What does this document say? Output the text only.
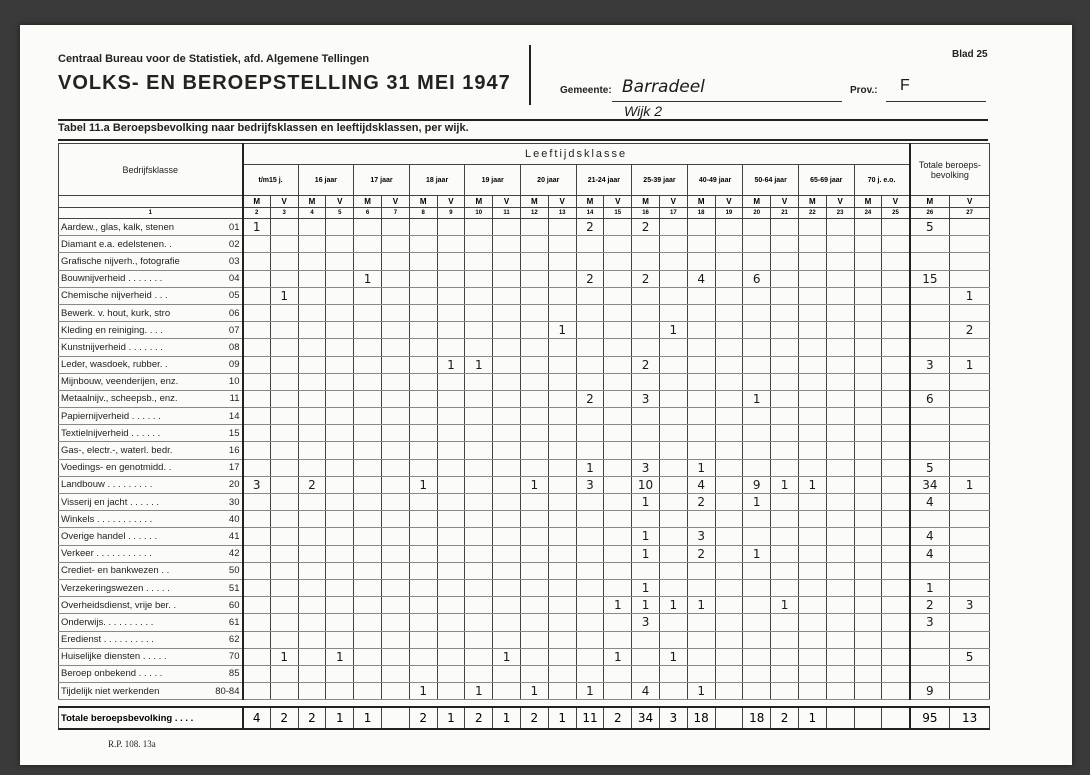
Centraal Bureau voor de Statistiek, afd. Algemene Tellingen
VOLKS- EN BEROEPSTELLING 31 MEI 1947
Blad 25
Gemeente: Barradeel	Prov.: F
Wijk 2
Tabel 11.a Beroepsbevolking naar bedrijfsklassen en leeftijdsklassen, per wijk.
Bedrijfsklasse	Leeftijdsklasse																								Totale beroeps-bevolking	
	t/m15 j.		16 jaar		17 jaar		18 jaar		19 jaar		20 jaar		21-24 jaar		25-39 jaar		40-49 jaar		50-64 jaar		65-69 jaar		70 j. e.o.			
	M	V	M	V	M	V	M	V	M	V	M	V	M	V	M	V	M	V	M	V	M	V	M	V	M	V
1	2	3	4	5	6	7	8	9	10	11	12	13	14	15	16	17	18	19	20	21	22	23	24	25	26	27

01
Aardew., glas, kalk, stenen	1												2		2										5	

02
Diamant e.a. edelstenen. .																										

03
Grafische nijverh., fotografie																										

04
Bouwnijverheid . . . . . . .					1								2		2		4		6						15	

05
Chemische nijverheid . . .		1																								1

06
Bewerk. v. hout, kurk, stro																										

07
Kleding en reiniging. . . .												1				1										2

08
Kunstnijverheid . . . . . . .																										

09
Leder, wasdoek, rubber. .								1	1						2										3	1

10
Mijnbouw, veenderijen, enz.																										

11
Metaalnijv., scheepsb., enz.													2		3				1						6	

14
Papiernijverheid . . . . . .																										

15
Textielnijverheid . . . . . .																										

16
Gas-, electr.-, waterl. bedr.																										

17
Voedings- en genotmidd. .													1		3		1								5	

20
Landbouw . . . . . . . . .	3		2				1				1		3		10		4		9	1	1				34	1

30
Visserij en jacht . . . . . .															1		2		1						4	

40
Winkels . . . . . . . . . . .																										

41
Overige handel . . . . . .															1		3								4	

42
Verkeer . . . . . . . . . . .															1		2		1						4	

50
Crediet- en bankwezen . .																										

51
Verzekeringswezen . . . . .															1										1	

60
Overheidsdienst, vrije ber. .														1	1	1	1			1					2	3

61
Onderwijs. . . . . . . . . .															3										3	

62
Eredienst . . . . . . . . . .																										

70
Huiselijke diensten . . . . .		1		1						1				1		1										5

85
Beroep onbekend . . . . .																										

80-84
Tijdelijk niet werkenden							1		1		1		1		4		1								9	

Totale beroepsbevolking . . . .	4	2	2	1	1		2	1	2	1	2	1	11	2	34	3	18		18	2	1				95	13
R.P. 108. 13a
